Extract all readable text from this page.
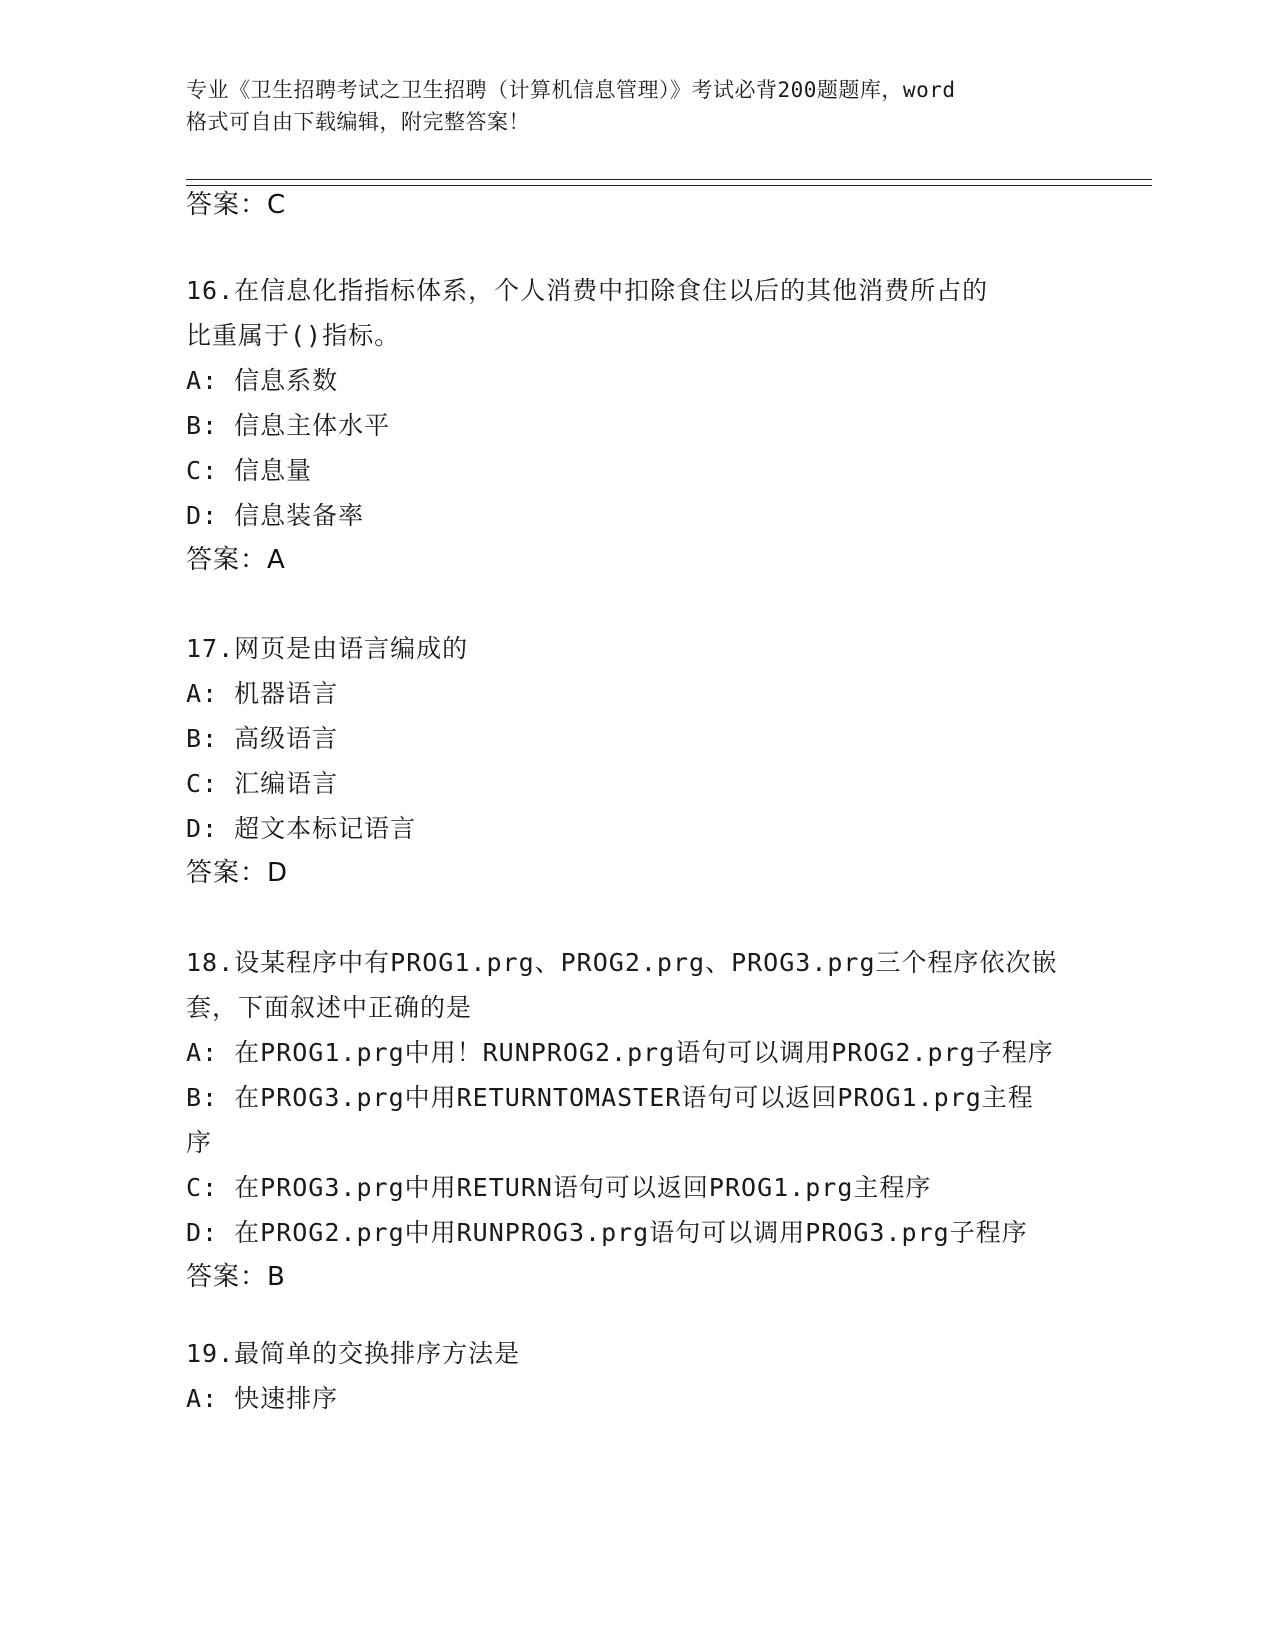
专业《卫生招聘考试之卫生招聘（计算机信息管理）》考试必背200题题库，word
格式可自由下载编辑，附完整答案！
答案：C
16.在信息化指指标体系，个人消费中扣除食住以后的其他消费所占的
比重属于()指标。
A: 信息系数
B: 信息主体水平
C: 信息量
D: 信息装备率
答案：A
17.网页是由语言编成的
A: 机器语言
B: 高级语言
C: 汇编语言
D: 超文本标记语言
答案：D
18.设某程序中有PROG1.prg、PROG2.prg、PROG3.prg三个程序依次嵌
套，下面叙述中正确的是
A: 在PROG1.prg中用！RUNPROG2.prg语句可以调用PROG2.prg子程序
B: 在PROG3.prg中用RETURNTOMASTER语句可以返回PROG1.prg主程
序
C: 在PROG3.prg中用RETURN语句可以返回PROG1.prg主程序
D: 在PROG2.prg中用RUNPROG3.prg语句可以调用PROG3.prg子程序
答案：B
19.最简单的交换排序方法是
A: 快速排序
